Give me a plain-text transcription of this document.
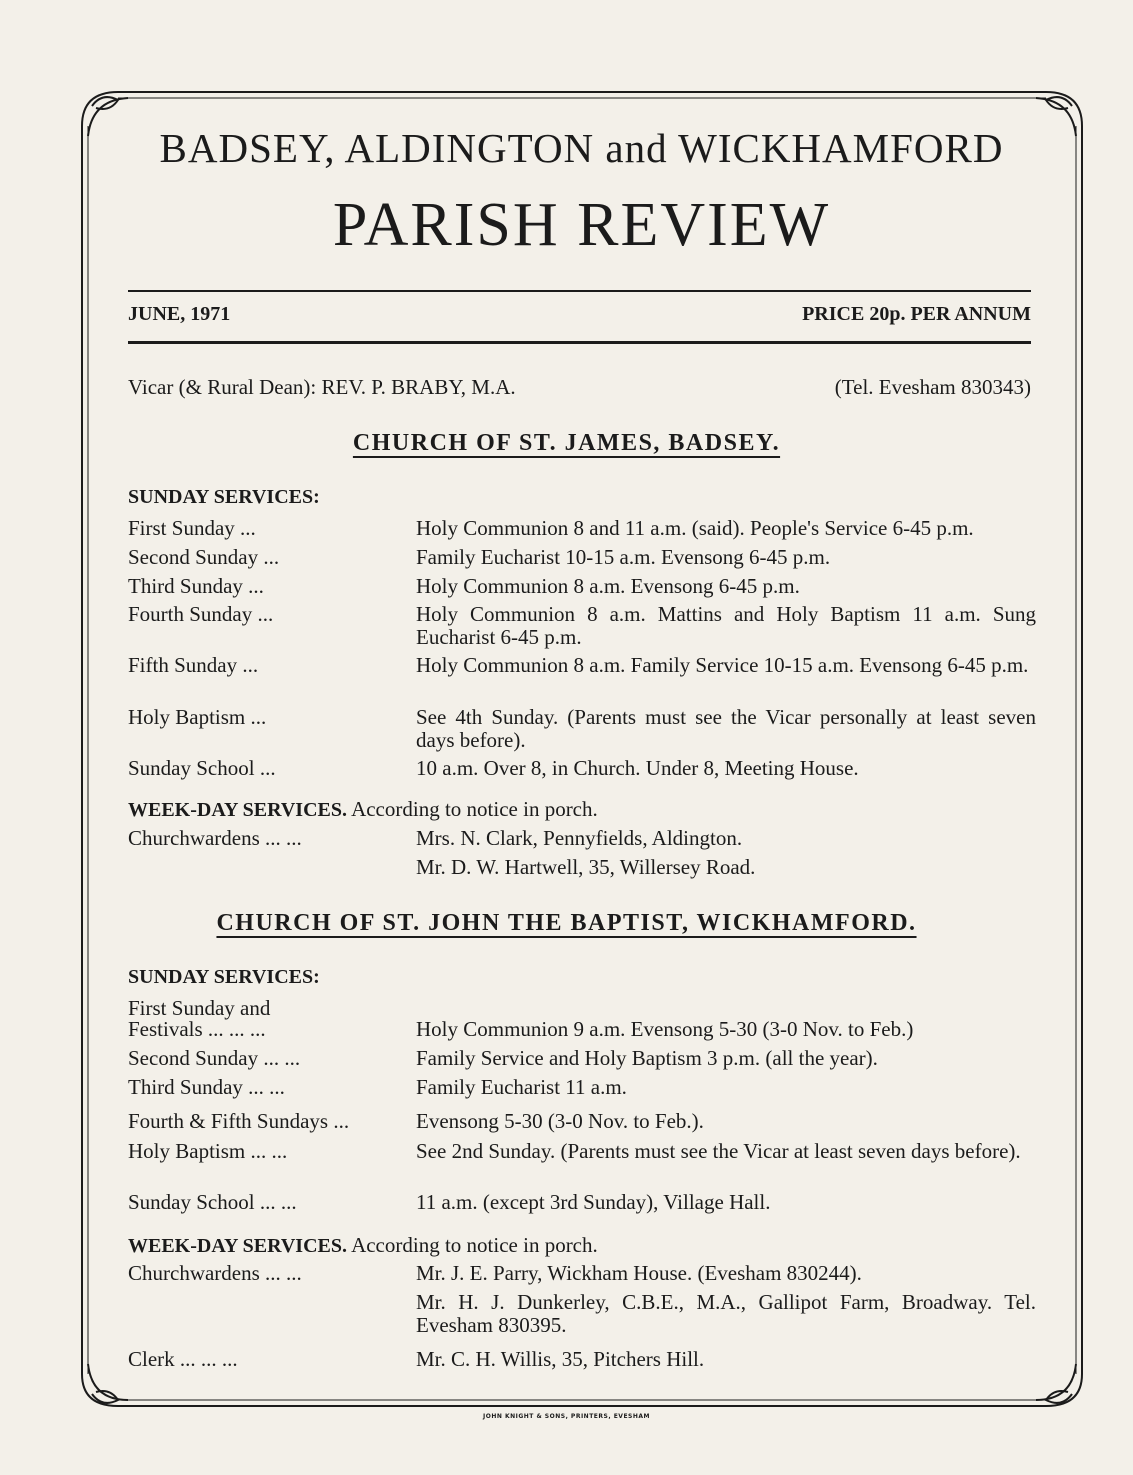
BADSEY, ALDINGTON and WICKHAMFORD
PARISH REVIEW
JUNE, 1971	PRICE 20p. PER ANNUM
Vicar (& Rural Dean): REV. P. BRABY, M.A.	(Tel. Evesham 830343)
CHURCH OF ST. JAMES, BADSEY.
SUNDAY SERVICES:
First Sunday ...	Holy Communion 8 and 11 a.m. (said). People's Service 6-45 p.m.
Second Sunday ...	Family Eucharist 10-15 a.m. Evensong 6-45 p.m.
Third Sunday ...	Holy Communion 8 a.m. Evensong 6-45 p.m.
Fourth Sunday ...	Holy Communion 8 a.m. Mattins and Holy Baptism 11 a.m. Sung Eucharist 6-45 p.m.
Fifth Sunday ...	Holy Communion 8 a.m. Family Service 10-15 a.m. Evensong 6-45 p.m.
Holy Baptism ...	See 4th Sunday. (Parents must see the Vicar personally at least seven days before).
Sunday School ...	10 a.m. Over 8, in Church. Under 8, Meeting House.
WEEK-DAY SERVICES. According to notice in porch.
Churchwardens ... ...	Mrs. N. Clark, Pennyfields, Aldington.
Mr. D. W. Hartwell, 35, Willersey Road.
CHURCH OF ST. JOHN THE BAPTIST, WICKHAMFORD.
SUNDAY SERVICES:
First Sunday and
Festivals ... ... ...	Holy Communion 9 a.m. Evensong 5-30 (3-0 Nov. to Feb.)
Second Sunday ... ...	Family Service and Holy Baptism 3 p.m. (all the year).
Third Sunday ... ...	Family Eucharist 11 a.m.
Fourth & Fifth Sundays ...	Evensong 5-30 (3-0 Nov. to Feb.).
Holy Baptism ... ...	See 2nd Sunday. (Parents must see the Vicar at least seven days before).
Sunday School ... ...	11 a.m. (except 3rd Sunday), Village Hall.
WEEK-DAY SERVICES. According to notice in porch.
Churchwardens ... ...	Mr. J. E. Parry, Wickham House. (Evesham 830244).
Mr. H. J. Dunkerley, C.B.E., M.A., Gallipot Farm, Broadway. Tel. Evesham 830395.
Clerk ... ... ...	Mr. C. H. Willis, 35, Pitchers Hill.
JOHN KNIGHT & SONS, PRINTERS, EVESHAM
